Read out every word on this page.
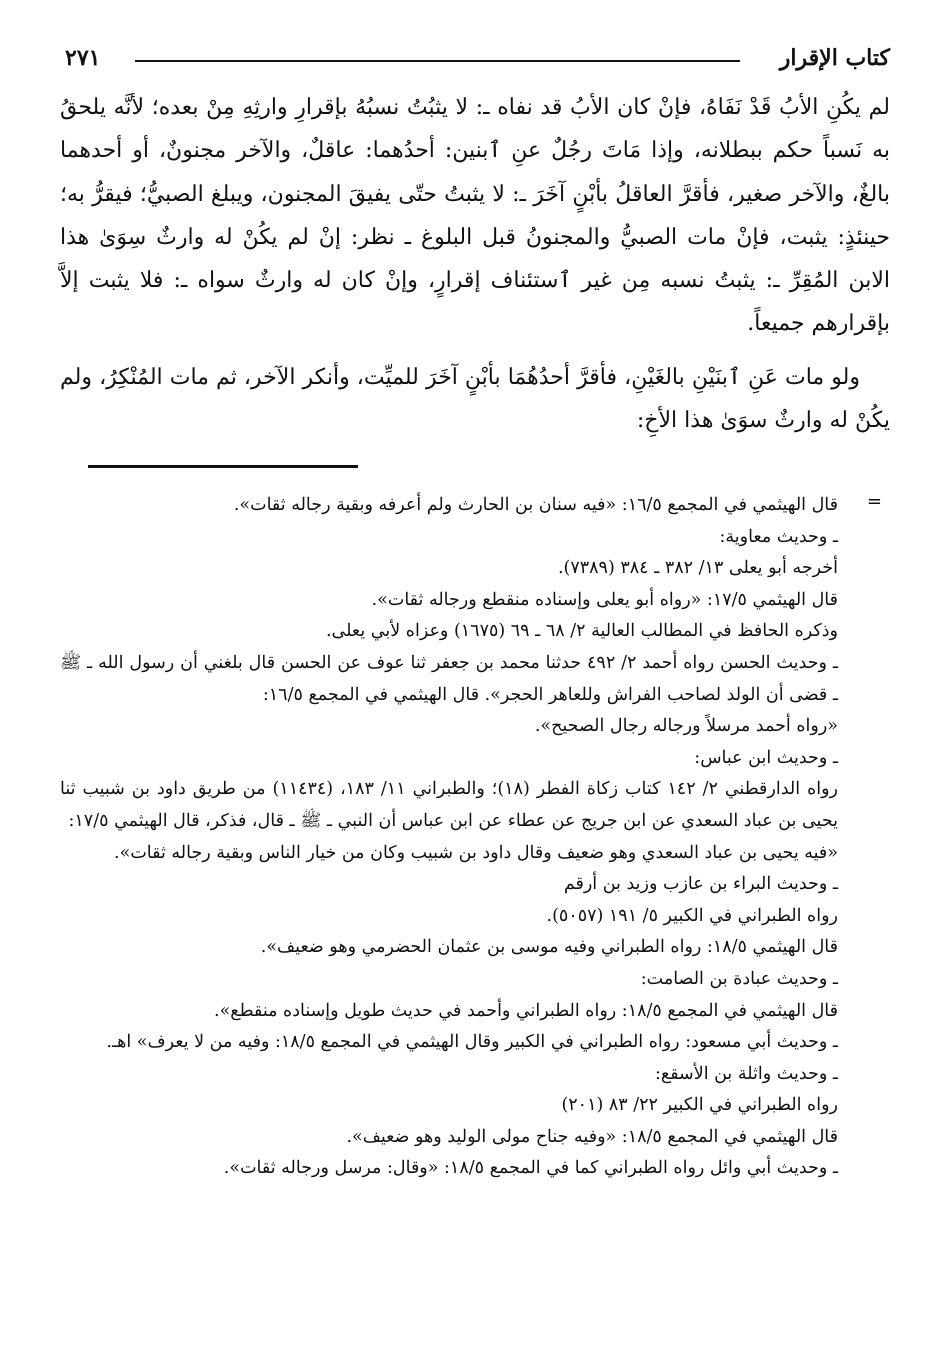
كتاب الإقرار
٢٧١

لم يكُنِ الأبُ قَدْ نَفَاهُ، فإنْ كان الأبُ قد نفاه ـ: لا يثبُتُ نسبُهُ بإقرارِ وارثِهِ مِنْ بعده؛ لأنَّه يلحقُ به نَسباً حكم ببطلانه، وإذا مَاتَ رجُلٌ عنِ ٱبنين: أحدُهما: عاقلٌ، والآخر مجنونٌ، أو أحدهما بالغٌ، والآخر صغير، فأقرَّ العاقلُ بأبْنٍ آخَرَ ـ: لا يثبتُ حتّى يفيقَ المجنون، ويبلغ الصبيُّ؛ فيقرُّ به؛ حينئذٍ: يثبت، فإنْ مات الصبيُّ والمجنونُ قبل البلوغ ـ نظر: إنْ لم يكُنْ له وارثٌ سِوَىٰ هذا الابن المُقِرِّ ـ: يثبتُ نسبه مِن غير ٱستئناف إقرارٍ، وإنْ كان له وارثٌ سواه ـ: فلا يثبت إلاَّ بإقرارهم جميعاً.

ولو مات عَنِ ٱبنَيْنِ بالغَيْنِ، فأقرَّ أحدُهُمَا بأبْنٍ آخَرَ للميِّت، وأنكر الآخر، ثم مات المُنْكِرُ، ولم يكُنْ له وارثٌ سوَىٰ هذا الأخِ:

=
قال الهيثمي في المجمع ١٦/٥: «فيه سنان بن الحارث ولم أعرفه وبقية رجاله ثقات».
ـ وحديث معاوية:
أخرجه أبو يعلى ١٣/ ٣٨٢ ـ ٣٨٤ (٧٣٨٩).
قال الهيثمي ١٧/٥: «رواه أبو يعلى وإسناده منقطع ورجاله ثقات».
وذكره الحافظ في المطالب العالية ٢/ ٦٨ ـ ٦٩ (١٦٧٥) وعزاه لأبي يعلى.
ـ وحديث الحسن رواه أحمد ٢/ ٤٩٢ حدثنا محمد بن جعفر ثنا عوف عن الحسن قال بلغني أن رسول الله ـ ﷺ ـ قضى أن الولد لصاحب الفراش وللعاهر الحجر». قال الهيثمي في المجمع ١٦/٥:
«رواه أحمد مرسلاً ورجاله رجال الصحيح».
ـ وحديث ابن عباس:
رواه الدارقطني ٢/ ١٤٢ كتاب زكاة الفطر (١٨)؛ والطبراني ١١/ ١٨٣، (١١٤٣٤) من طريق داود بن شبيب ثنا يحيى بن عباد السعدي عن ابن جريج عن عطاء عن ابن عباس أن النبي ـ ﷺ ـ قال، فذكر، قال الهيثمي ١٧/٥:
«فيه يحيى بن عباد السعدي وهو ضعيف وقال داود بن شبيب وكان من خيار الناس وبقية رجاله ثقات».
ـ وحديث البراء بن عازب وزيد بن أرقم
رواه الطبراني في الكبير ٥/ ١٩١ (٥٠٥٧).
قال الهيثمي ١٨/٥: رواه الطبراني وفيه موسى بن عثمان الحضرمي وهو ضعيف».
ـ وحديث عبادة بن الصامت:
قال الهيثمي في المجمع ١٨/٥: رواه الطبراني وأحمد في حديث طويل وإسناده منقطع».
ـ وحديث أبي مسعود: رواه الطبراني في الكبير وقال الهيثمي في المجمع ١٨/٥: وفيه من لا يعرف» اهـ.
ـ وحديث واثلة بن الأسقع:
رواه الطبراني في الكبير ٢٢/ ٨٣ (٢٠١)
قال الهيثمي في المجمع ١٨/٥: «وفيه جناح مولى الوليد وهو ضعيف».
ـ وحديث أبي وائل رواه الطبراني كما في المجمع ١٨/٥: «وقال: مرسل ورجاله ثقات».
